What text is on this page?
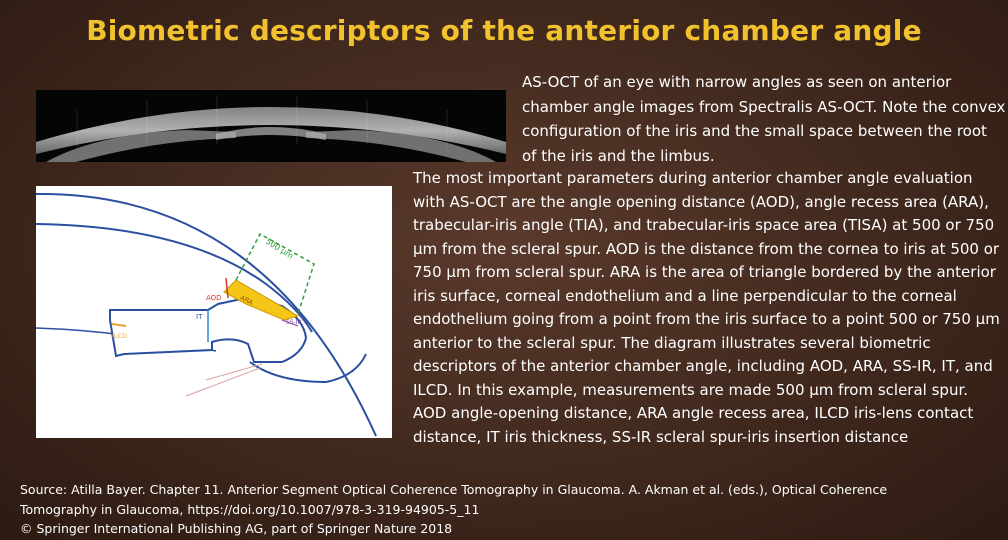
Biometric descriptors of the anterior chamber angle
500 µm
AOD	ARA
IT
SS-IR
ILCD

AS-OCT of an eye with narrow angles as seen on anterior chamber angle images from Spectralis AS-OCT. Note the convex configuration of the iris and the small space between the root of the iris and the limbus.

The most important parameters during anterior chamber angle evaluation with AS-OCT are the angle opening distance (AOD), angle recess area (ARA), trabecular-iris angle (TIA), and trabecular-iris space area (TISA) at 500 or 750 µm from the scleral spur. AOD is the distance from the cornea to iris at 500 or 750 µm from scleral spur. ARA is the area of triangle bordered by the anterior iris surface, corneal endothelium and a line perpendicular to the corneal endothelium going from a point from the iris surface to a point 500 or 750 µm anterior to the scleral spur. The diagram illustrates several biometric descriptors of the anterior chamber angle, including AOD, ARA, SS-IR, IT, and ILCD. In this example, measurements are made 500 µm from scleral spur. AOD angle-opening distance, ARA angle recess area, ILCD iris-lens contact distance, IT iris thickness, SS-IR scleral spur-iris insertion distance

Source: Atilla Bayer. Chapter 11. Anterior Segment Optical Coherence Tomography in Glaucoma. A. Akman et al. (eds.), Optical Coherence
Tomography in Glaucoma, https://doi.org/10.1007/978-3-319-94905-5_11
© Springer International Publishing AG, part of Springer Nature 2018
